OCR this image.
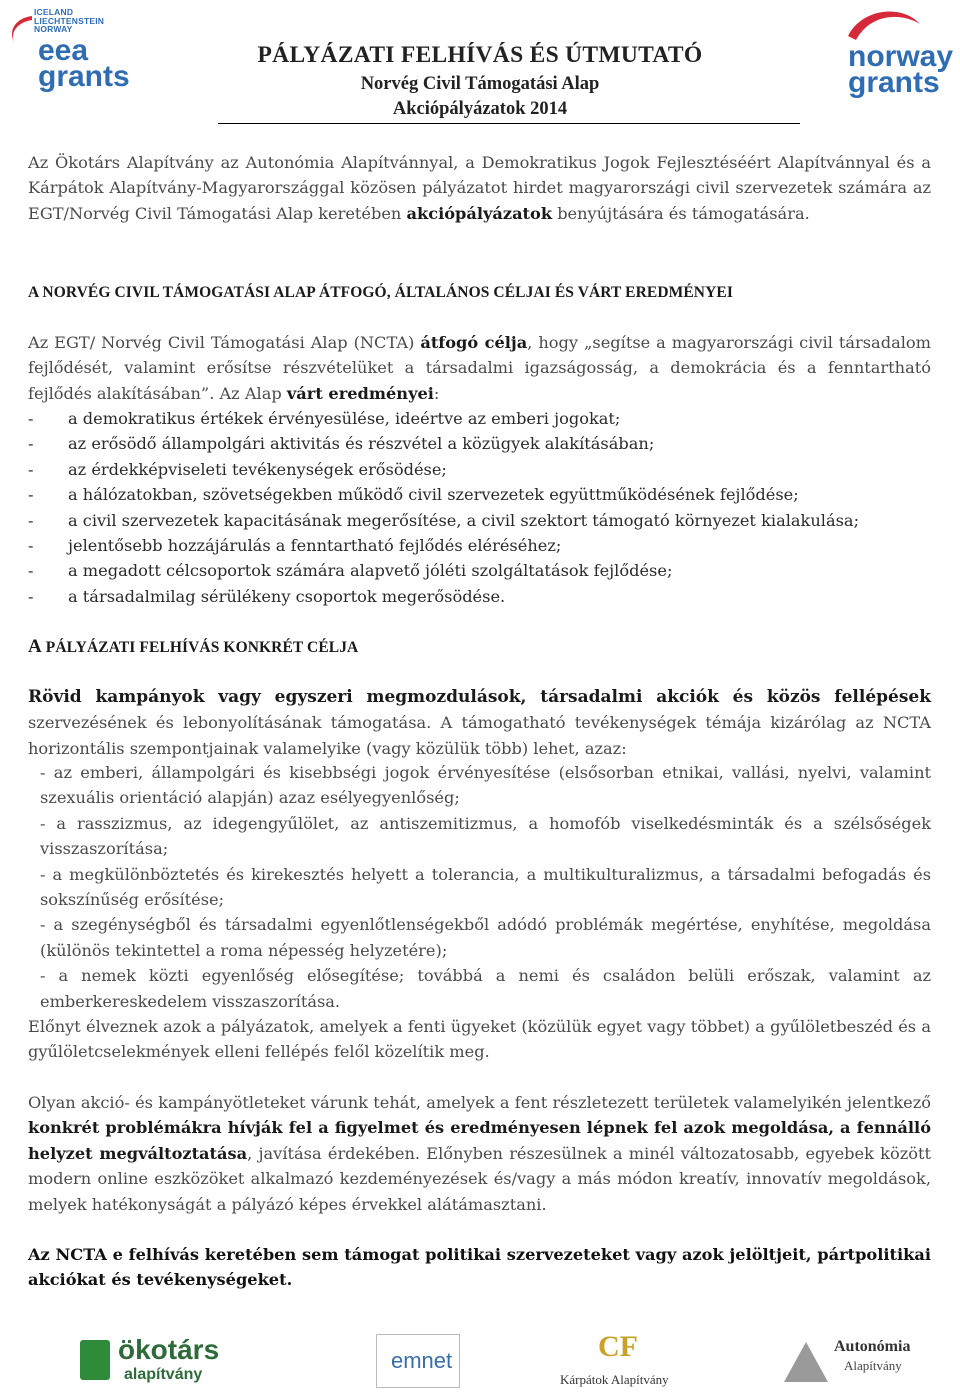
ICELAND
LIECHTENSTEIN
NORWAY
eea
grants
norway
grants
PÁLYÁZATI FELHÍVÁS ÉS ÚTMUTATÓ
Norvég Civil Támogatási Alap
Akciópályázatok 2014
Az Ökotárs Alapítvány az Autonómia Alapítvánnyal, a Demokratikus Jogok Fejlesztéséért Alapítvánnyal és a Kárpátok Alapítvány-Magyarországgal közösen pályázatot hirdet magyarországi civil szervezetek számára az EGT/Norvég Civil Támogatási Alap keretében akciópályázatok benyújtására és támogatására.
A NORVÉG CIVIL TÁMOGATÁSI ALAP ÁTFOGÓ, ÁLTALÁNOS CÉLJAI ÉS VÁRT EREDMÉNYEI
Az EGT/ Norvég Civil Támogatási Alap (NCTA) átfogó célja, hogy „segítse a magyarországi civil társadalom fejlődését, valamint erősítse részvételüket a társadalmi igazságosság, a demokrácia és a fenntartható fejlődés alakításában”. Az Alap várt eredményei:
- a demokratikus értékek érvényesülése, ideértve az emberi jogokat;
- az erősödő állampolgári aktivitás és részvétel a közügyek alakításában;
- az érdekképviseleti tevékenységek erősödése;
- a hálózatokban, szövetségekben működő civil szervezetek együttműködésének fejlődése;
- a civil szervezetek kapacitásának megerősítése, a civil szektort támogató környezet kialakulása;
- jelentősebb hozzájárulás a fenntartható fejlődés eléréséhez;
- a megadott célcsoportok számára alapvető jóléti szolgáltatások fejlődése;
- a társadalmilag sérülékeny csoportok megerősödése.
A PÁLYÁZATI FELHÍVÁS KONKRÉT CÉLJA
Rövid kampányok vagy egyszeri megmozdulások, társadalmi akciók és közös fellépések szervezésének és lebonyolításának támogatása. A támogatható tevékenységek témája kizárólag az NCTA horizontális szempontjainak valamelyike (vagy közülük több) lehet, azaz:
- az emberi, állampolgári és kisebbségi jogok érvényesítése (elsősorban etnikai, vallási, nyelvi, valamint szexuális orientáció alapján) azaz esélyegyenlőség;
- a rasszizmus, az idegengyűlölet, az antiszemitizmus, a homofób viselkedésminták és a szélsőségek visszaszorítása;
- a megkülönböztetés és kirekesztés helyett a tolerancia, a multikulturalizmus, a társadalmi befogadás és sokszínűség erősítése;
- a szegénységből és társadalmi egyenlőtlenségekből adódó problémák megértése, enyhítése, megoldása (különös tekintettel a roma népesség helyzetére);
- a nemek közti egyenlőség elősegítése; továbbá a nemi és családon belüli erőszak, valamint az emberkereskedelem visszaszorítása.
Előnyt élveznek azok a pályázatok, amelyek a fenti ügyeket (közülük egyet vagy többet) a gyűlöletbeszéd és a gyűlöletcselekmények elleni fellépés felől közelítik meg.
Olyan akció- és kampányötleteket várunk tehát, amelyek a fent részletezett területek valamelyikén jelentkező konkrét problémákra hívják fel a figyelmet és eredményesen lépnek fel azok megoldása, a fennálló helyzet megváltoztatása, javítása érdekében. Előnyben részesülnek a minél változatosabb, egyebek között modern online eszközöket alkalmazó kezdeményezések és/vagy a más módon kreatív, innovatív megoldások, melyek hatékonyságát a pályázó képes érvekkel alátámasztani.
Az NCTA e felhívás keretében sem támogat politikai szervezeteket vagy azok jelöltjeit, pártpolitikai akciókat és tevékenységeket.
ökotárs
alapítvány
emnet	CF
Kárpátok Alapítvány
Autonómia
Alapítvány
